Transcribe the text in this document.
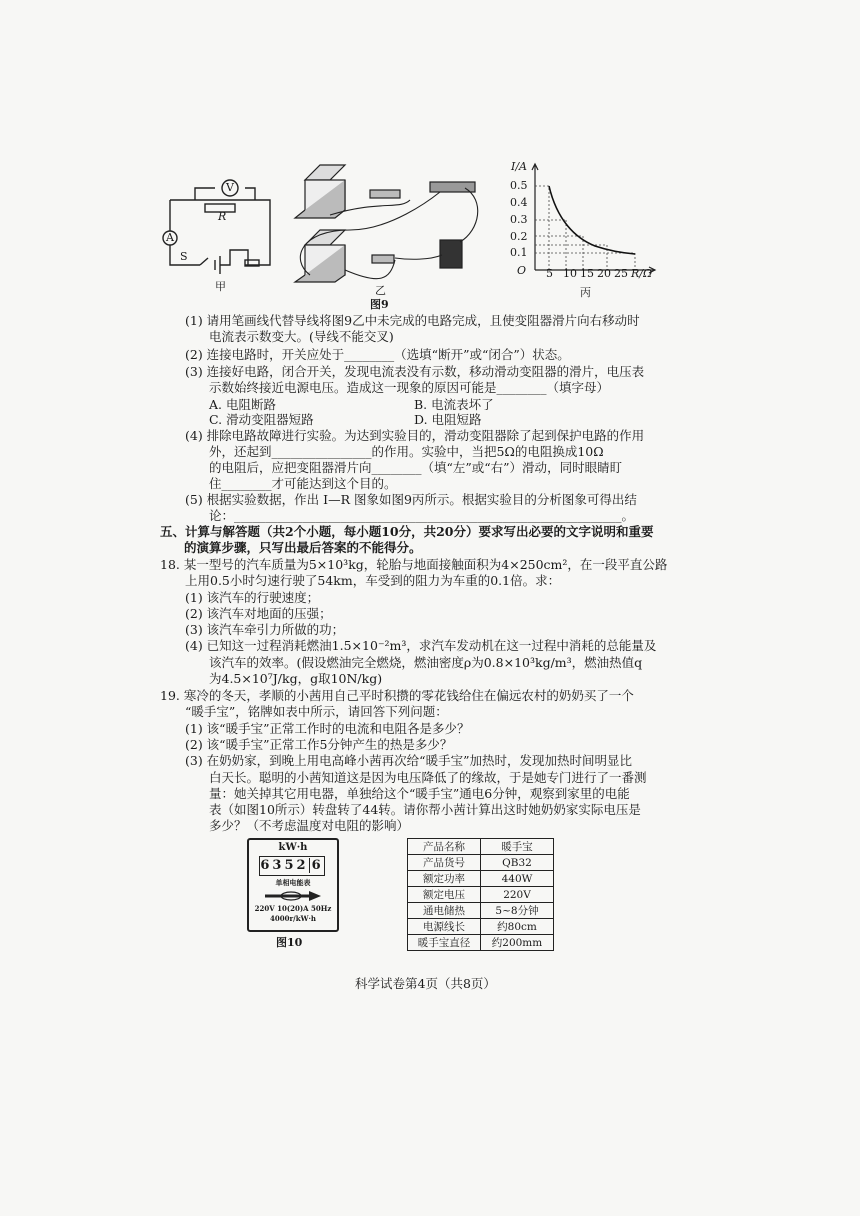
V
R
A
S
甲	乙
图9
I/A
0.5
0.4
0.3
0.2
0.1
O 5 10 15 20 25 R/Ω
丙
(1) 请用笔画线代替导线将图9乙中未完成的电路完成，且使变阻器滑片向右移动时
电流表示数变大。(导线不能交叉)
(2) 连接电路时，开关应处于________（选填“断开”或“闭合”）状态。
(3) 连接好电路，闭合开关，发现电流表没有示数，移动滑动变阻器的滑片，电压表
示数始终接近电源电压。造成这一现象的原因可能是________（填字母）
A. 电阻断路	B. 电流表坏了
C. 滑动变阻器短路	D. 电阻短路
(4) 排除电路故障进行实验。为达到实验目的，滑动变阻器除了起到保护电路的作用
外，还起到________________的作用。实验中，当把5Ω的电阻换成10Ω
的电阻后，应把变阻器滑片向________（填“左”或“右”）滑动，同时眼睛盯
住________才可能达到这个目的。
(5) 根据实验数据，作出 I—R 图象如图9丙所示。根据实验目的分析图象可得出结
论：______________________________________________________________。
五、计算与解答题（共2个小题，每小题10分，共20分）要求写出必要的文字说明和重要
的演算步骤，只写出最后答案的不能得分。
18. 某一型号的汽车质量为5×10³kg，轮胎与地面接触面积为4×250cm²，在一段平直公路
上用0.5小时匀速行驶了54km，车受到的阻力为车重的0.1倍。求：
(1) 该汽车的行驶速度；
(2) 该汽车对地面的压强；
(3) 该汽车牵引力所做的功；
(4) 已知这一过程消耗燃油1.5×10⁻²m³，求汽车发动机在这一过程中消耗的总能量及
该汽车的效率。(假设燃油完全燃烧，燃油密度ρ为0.8×10³kg/m³，燃油热值q
为4.5×10⁷J/kg，g取10N/kg)
19. 寒冷的冬天，孝顺的小茜用自己平时积攒的零花钱给住在偏远农村的奶奶买了一个
“暖手宝”，铭牌如表中所示，请回答下列问题：
(1) 该“暖手宝”正常工作时的电流和电阻各是多少？
(2) 该“暖手宝”正常工作5分钟产生的热是多少？
(3) 在奶奶家，到晚上用电高峰小茜再次给“暖手宝”加热时，发现加热时间明显比
白天长。聪明的小茜知道这是因为电压降低了的缘故，于是她专门进行了一番测
量：她关掉其它用电器，单独给这个“暖手宝”通电6分钟，观察到家里的电能
表（如图10所示）转盘转了44转。请你帮小茜计算出这时她奶奶家实际电压是
多少？（不考虑温度对电阻的影响）
kW·h
6352 6
单相电能表
220V 10(20)A 50Hz
4000r/kW·h
图10
产品名称	暖手宝
产品货号	QB32
额定功率	440W
额定电压	220V
通电储热	5~8分钟
电源线长	约80cm
暖手宝直径	约200mm
科学试卷第4页（共8页）
